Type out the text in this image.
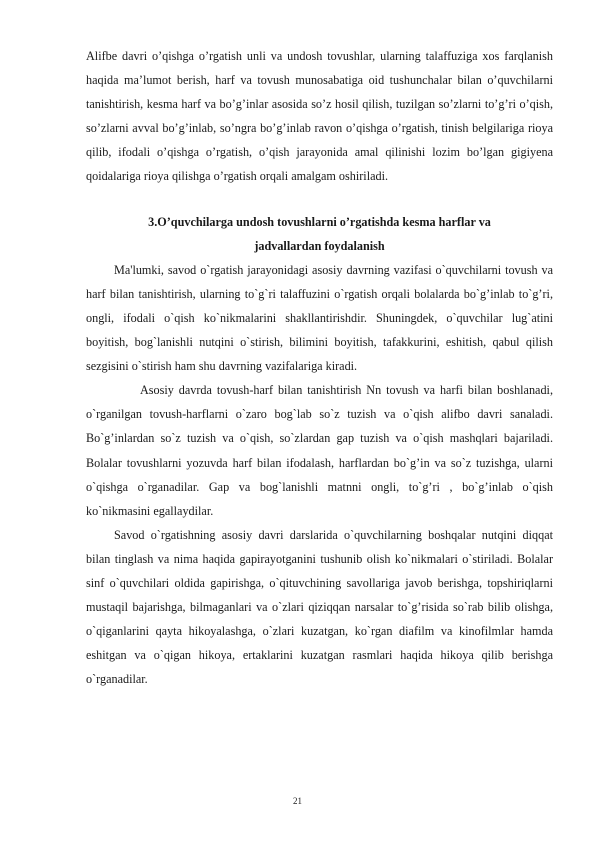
Alifbe davri o’qishga o’rgatish unli va undosh tovushlar, ularning talaffuziga xos farqlanish haqida ma’lumot berish, harf va tovush munosabatiga oid tushunchalar bilan o’quvchilarni tanishtirish, kesma harf va bo’g’inlar asosida so’z hosil qilish, tuzilgan so’zlarni to’g’ri o’qish, so’zlarni avval bo’g’inlab, so’ngra bo’g’inlab ravon o’qishga o’rgatish, tinish belgilariga rioya qilib, ifodali o’qishga o’rgatish, o’qish jarayonida amal qilinishi lozim bo’lgan gigiyena qoidalariga rioya qilishga o’rgatish orqali amalgam oshiriladi.

3.O’quvchilarga undosh tovushlarni o’rgatishda kesma harflar va
jadvallardan foydalanish

Ma'lumki, savod o`rgatish jarayonidagi asosiy davrning vazifasi o`quvchilarni tovush va harf bilan tanishtirish, ularning to`g`ri talaffuzini o`rgatish orqali bolalarda bo`g’inlab to`g’ri, ongli, ifodali o`qish ko`nikmalarini shakllantirishdir. Shuningdek, o`quvchilar lug`atini boyitish, bog`lanishli nutqini o`stirish, bilimini boyitish, tafakkurini, eshitish, qabul qilish sezgisini o`stirish ham shu davrning vazifalariga kiradi.

Asosiy davrda tovush-harf bilan tanishtirish Nn tovush va harfi bilan boshlanadi, o`rganilgan tovush-harflarni o`zaro bog`lab so`z tuzish va o`qish alifbo davri sanaladi. Bo`g’inlardan so`z tuzish va o`qish, so`zlardan gap tuzish va o`qish mashqlari bajariladi. Bolalar tovushlarni yozuvda harf bilan ifodalash, harflardan bo`g’in va so`z tuzishga, ularni o`qishga o`rganadilar. Gap va bog`lanishli matnni ongli, to`g’ri , bo`g’inlab o`qish ko`nikmasini egallaydilar.

Savod o`rgatishning asosiy davri darslarida o`quvchilarning boshqalar nutqini diqqat bilan tinglash va nima haqida gapirayotganini tushunib olish ko`nikmalari o`stiriladi. Bolalar sinf o`quvchilari oldida gapirishga, o`qituvchining savollariga javob berishga, topshiriqlarni mustaqil bajarishga, bilmaganlari va o`zlari qiziqqan narsalar to`g’risida so`rab bilib olishga, o`qiganlarini qayta hikoyalashga, o`zlari kuzatgan, ko`rgan diafilm va kinofilmlar hamda eshitgan va o`qigan hikoya, ertaklarini kuzatgan rasmlari haqida hikoya qilib berishga o`rganadilar.

21
